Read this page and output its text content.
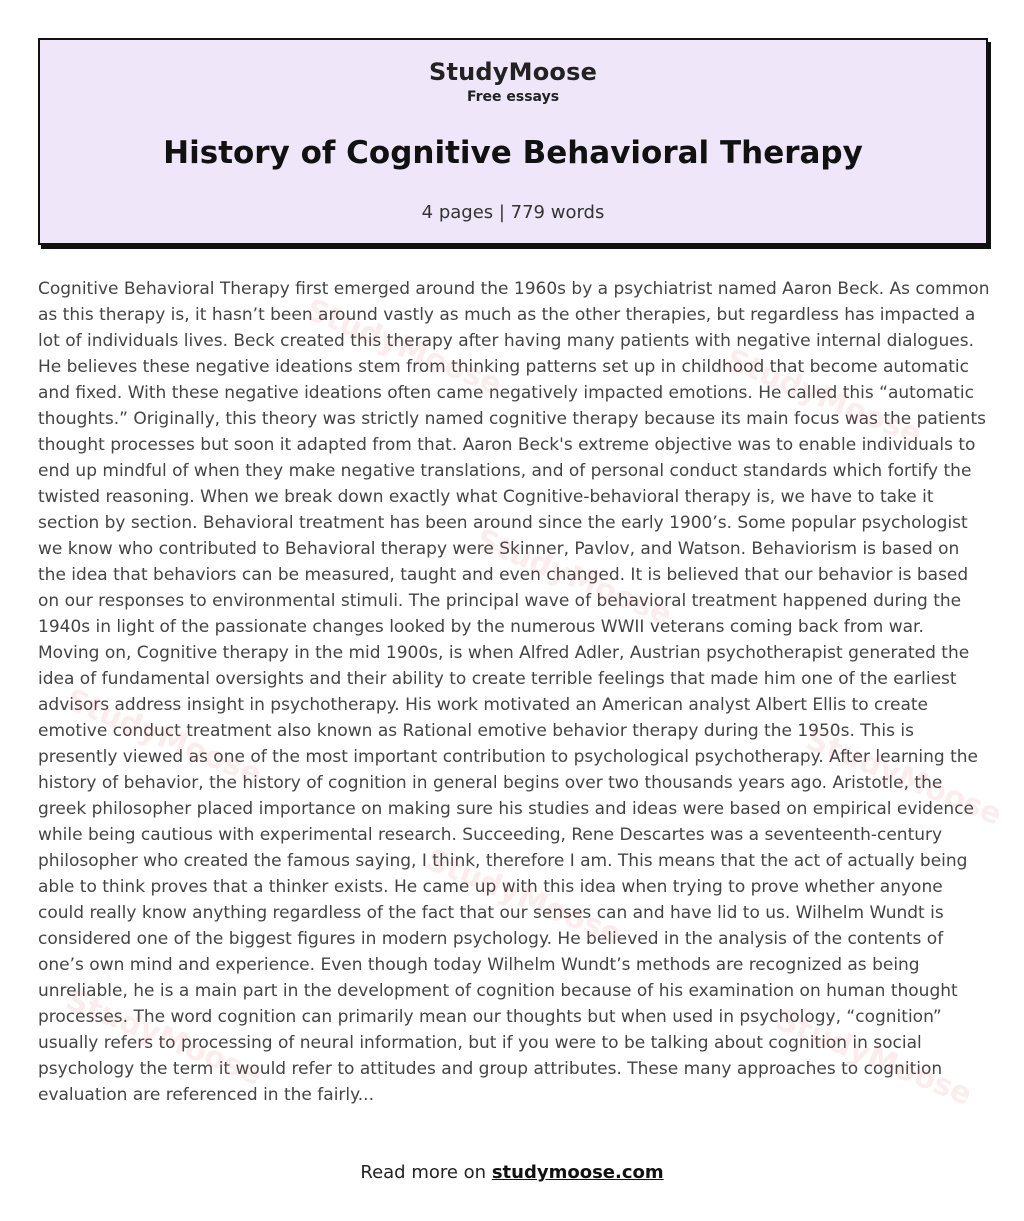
StudyMoose
Free essays
History of Cognitive Behavioral Therapy
4 pages | 779 words

Cognitive Behavioral Therapy first emerged around the 1960s by a psychiatrist named Aaron Beck. As common as this therapy is, it hasn’t been around vastly as much as the other therapies, but regardless has impacted a lot of individuals lives. Beck created this therapy after having many patients with negative internal dialogues. He believes these negative ideations stem from thinking patterns set up in childhood that become automatic and fixed. With these negative ideations often came negatively impacted emotions. He called this “automatic thoughts.” Originally, this theory was strictly named cognitive therapy because its main focus was the patients thought processes but soon it adapted from that. Aaron Beck's extreme objective was to enable individuals to end up mindful of when they make negative translations, and of personal conduct standards which fortify the twisted reasoning. When we break down exactly what Cognitive-behavioral therapy is, we have to take it section by section. Behavioral treatment has been around since the early 1900’s. Some popular psychologist we know who contributed to Behavioral therapy were Skinner, Pavlov, and Watson. Behaviorism is based on the idea that behaviors can be measured, taught and even changed. It is believed that our behavior is based on our responses to environmental stimuli. The principal wave of behavioral treatment happened during the 1940s in light of the passionate changes looked by the numerous WWII veterans coming back from war. Moving on, Cognitive therapy in the mid 1900s, is when Alfred Adler, Austrian psychotherapist generated the idea of fundamental oversights and their ability to create terrible feelings that made him one of the earliest advisors address insight in psychotherapy. His work motivated an American analyst Albert Ellis to create emotive conduct treatment also known as Rational emotive behavior therapy during the 1950s. This is presently viewed as one of the most important contribution to psychological psychotherapy. After learning the history of behavior, the history of cognition in general begins over two thousands years ago. Aristotle, the greek philosopher placed importance on making sure his studies and ideas were based on empirical evidence while being cautious with experimental research. Succeeding, Rene Descartes was a seventeenth-century philosopher who created the famous saying, I think, therefore I am. This means that the act of actually being able to think proves that a thinker exists. He came up with this idea when trying to prove whether anyone could really know anything regardless of the fact that our senses can and have lid to us. Wilhelm Wundt is considered one of the biggest figures in modern psychology. He believed in the analysis of the contents of one’s own mind and experience. Even though today Wilhelm Wundt’s methods are recognized as being unreliable, he is a main part in the development of cognition because of his examination on human thought processes. The word cognition can primarily mean our thoughts but when used in psychology, “cognition” usually refers to processing of neural information, but if you were to be talking about cognition in social psychology the term it would refer to attitudes and group attributes. These many approaches to cognition evaluation are referenced in the fairly...

StudyMoose	StudyMoose
StudyMoose
StudyMoose	StudyMoose
StudyMoose
StudyMoose	StudyMoose
Read more on studymoose.com
